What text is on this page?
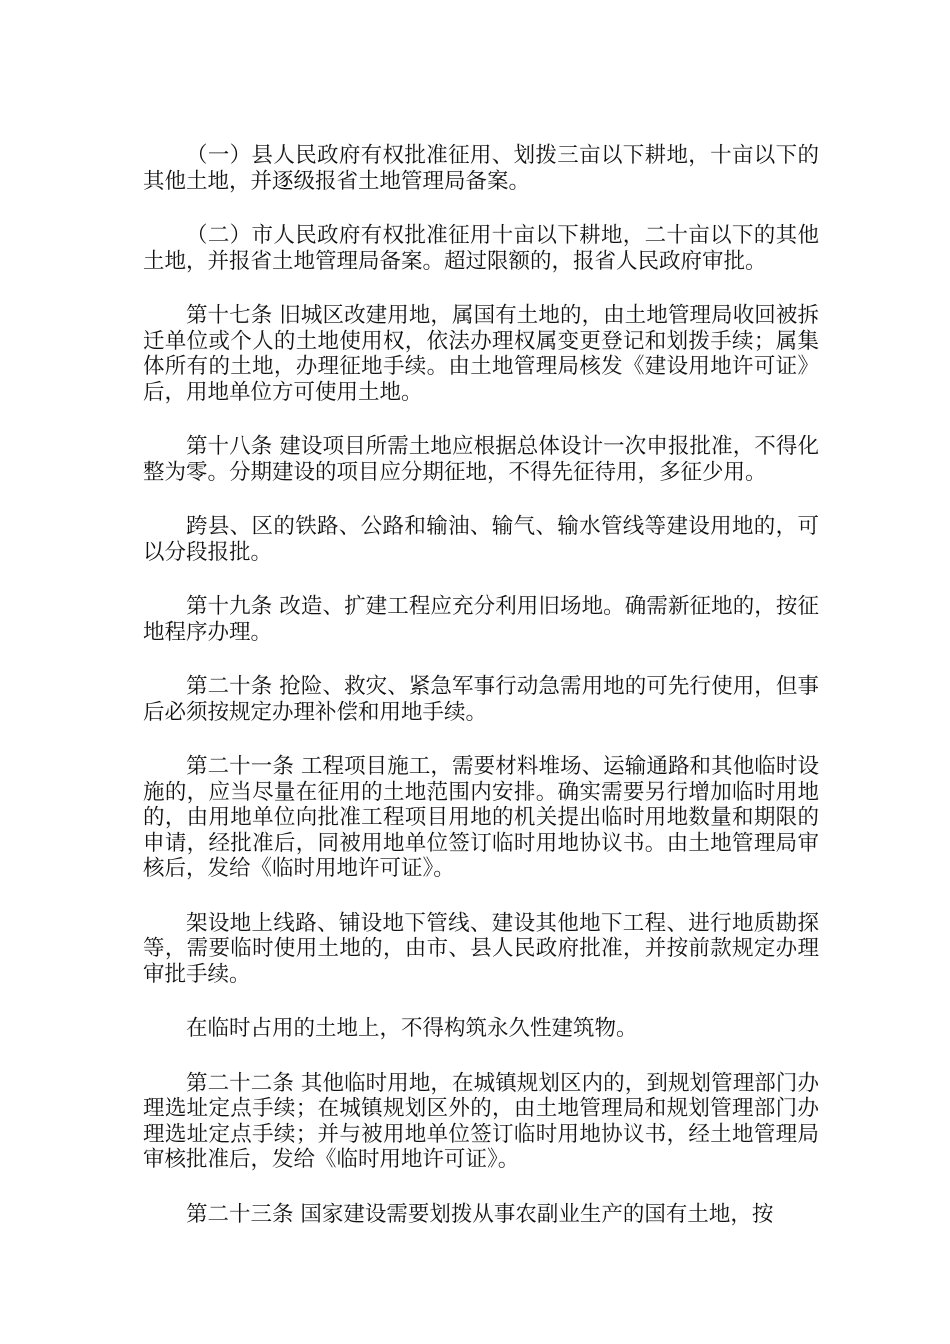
（一）县人民政府有权批准征用、划拨三亩以下耕地，十亩以下的其他土地，并逐级报省土地管理局备案。

（二）市人民政府有权批准征用十亩以下耕地，二十亩以下的其他土地，并报省土地管理局备案。超过限额的，报省人民政府审批。

第十七条 旧城区改建用地，属国有土地的，由土地管理局收回被拆迁单位或个人的土地使用权，依法办理权属变更登记和划拨手续；属集体所有的土地，办理征地手续。由土地管理局核发《建设用地许可证》后，用地单位方可使用土地。

第十八条 建设项目所需土地应根据总体设计一次申报批准，不得化整为零。分期建设的项目应分期征地，不得先征待用，多征少用。

跨县、区的铁路、公路和输油、输气、输水管线等建设用地的，可以分段报批。

第十九条 改造、扩建工程应充分利用旧场地。确需新征地的，按征地程序办理。

第二十条 抢险、救灾、紧急军事行动急需用地的可先行使用，但事后必须按规定办理补偿和用地手续。

第二十一条 工程项目施工，需要材料堆场、运输通路和其他临时设施的，应当尽量在征用的土地范围内安排。确实需要另行增加临时用地的，由用地单位向批准工程项目用地的机关提出临时用地数量和期限的申请，经批准后，同被用地单位签订临时用地协议书。由土地管理局审核后，发给《临时用地许可证》。

架设地上线路、铺设地下管线、建设其他地下工程、进行地质勘探等，需要临时使用土地的，由市、县人民政府批准，并按前款规定办理审批手续。

在临时占用的土地上，不得构筑永久性建筑物。

第二十二条 其他临时用地，在城镇规划区内的，到规划管理部门办理选址定点手续；在城镇规划区外的，由土地管理局和规划管理部门办理选址定点手续；并与被用地单位签订临时用地协议书，经土地管理局审核批准后，发给《临时用地许可证》。

第二十三条 国家建设需要划拨从事农副业生产的国有土地，按
